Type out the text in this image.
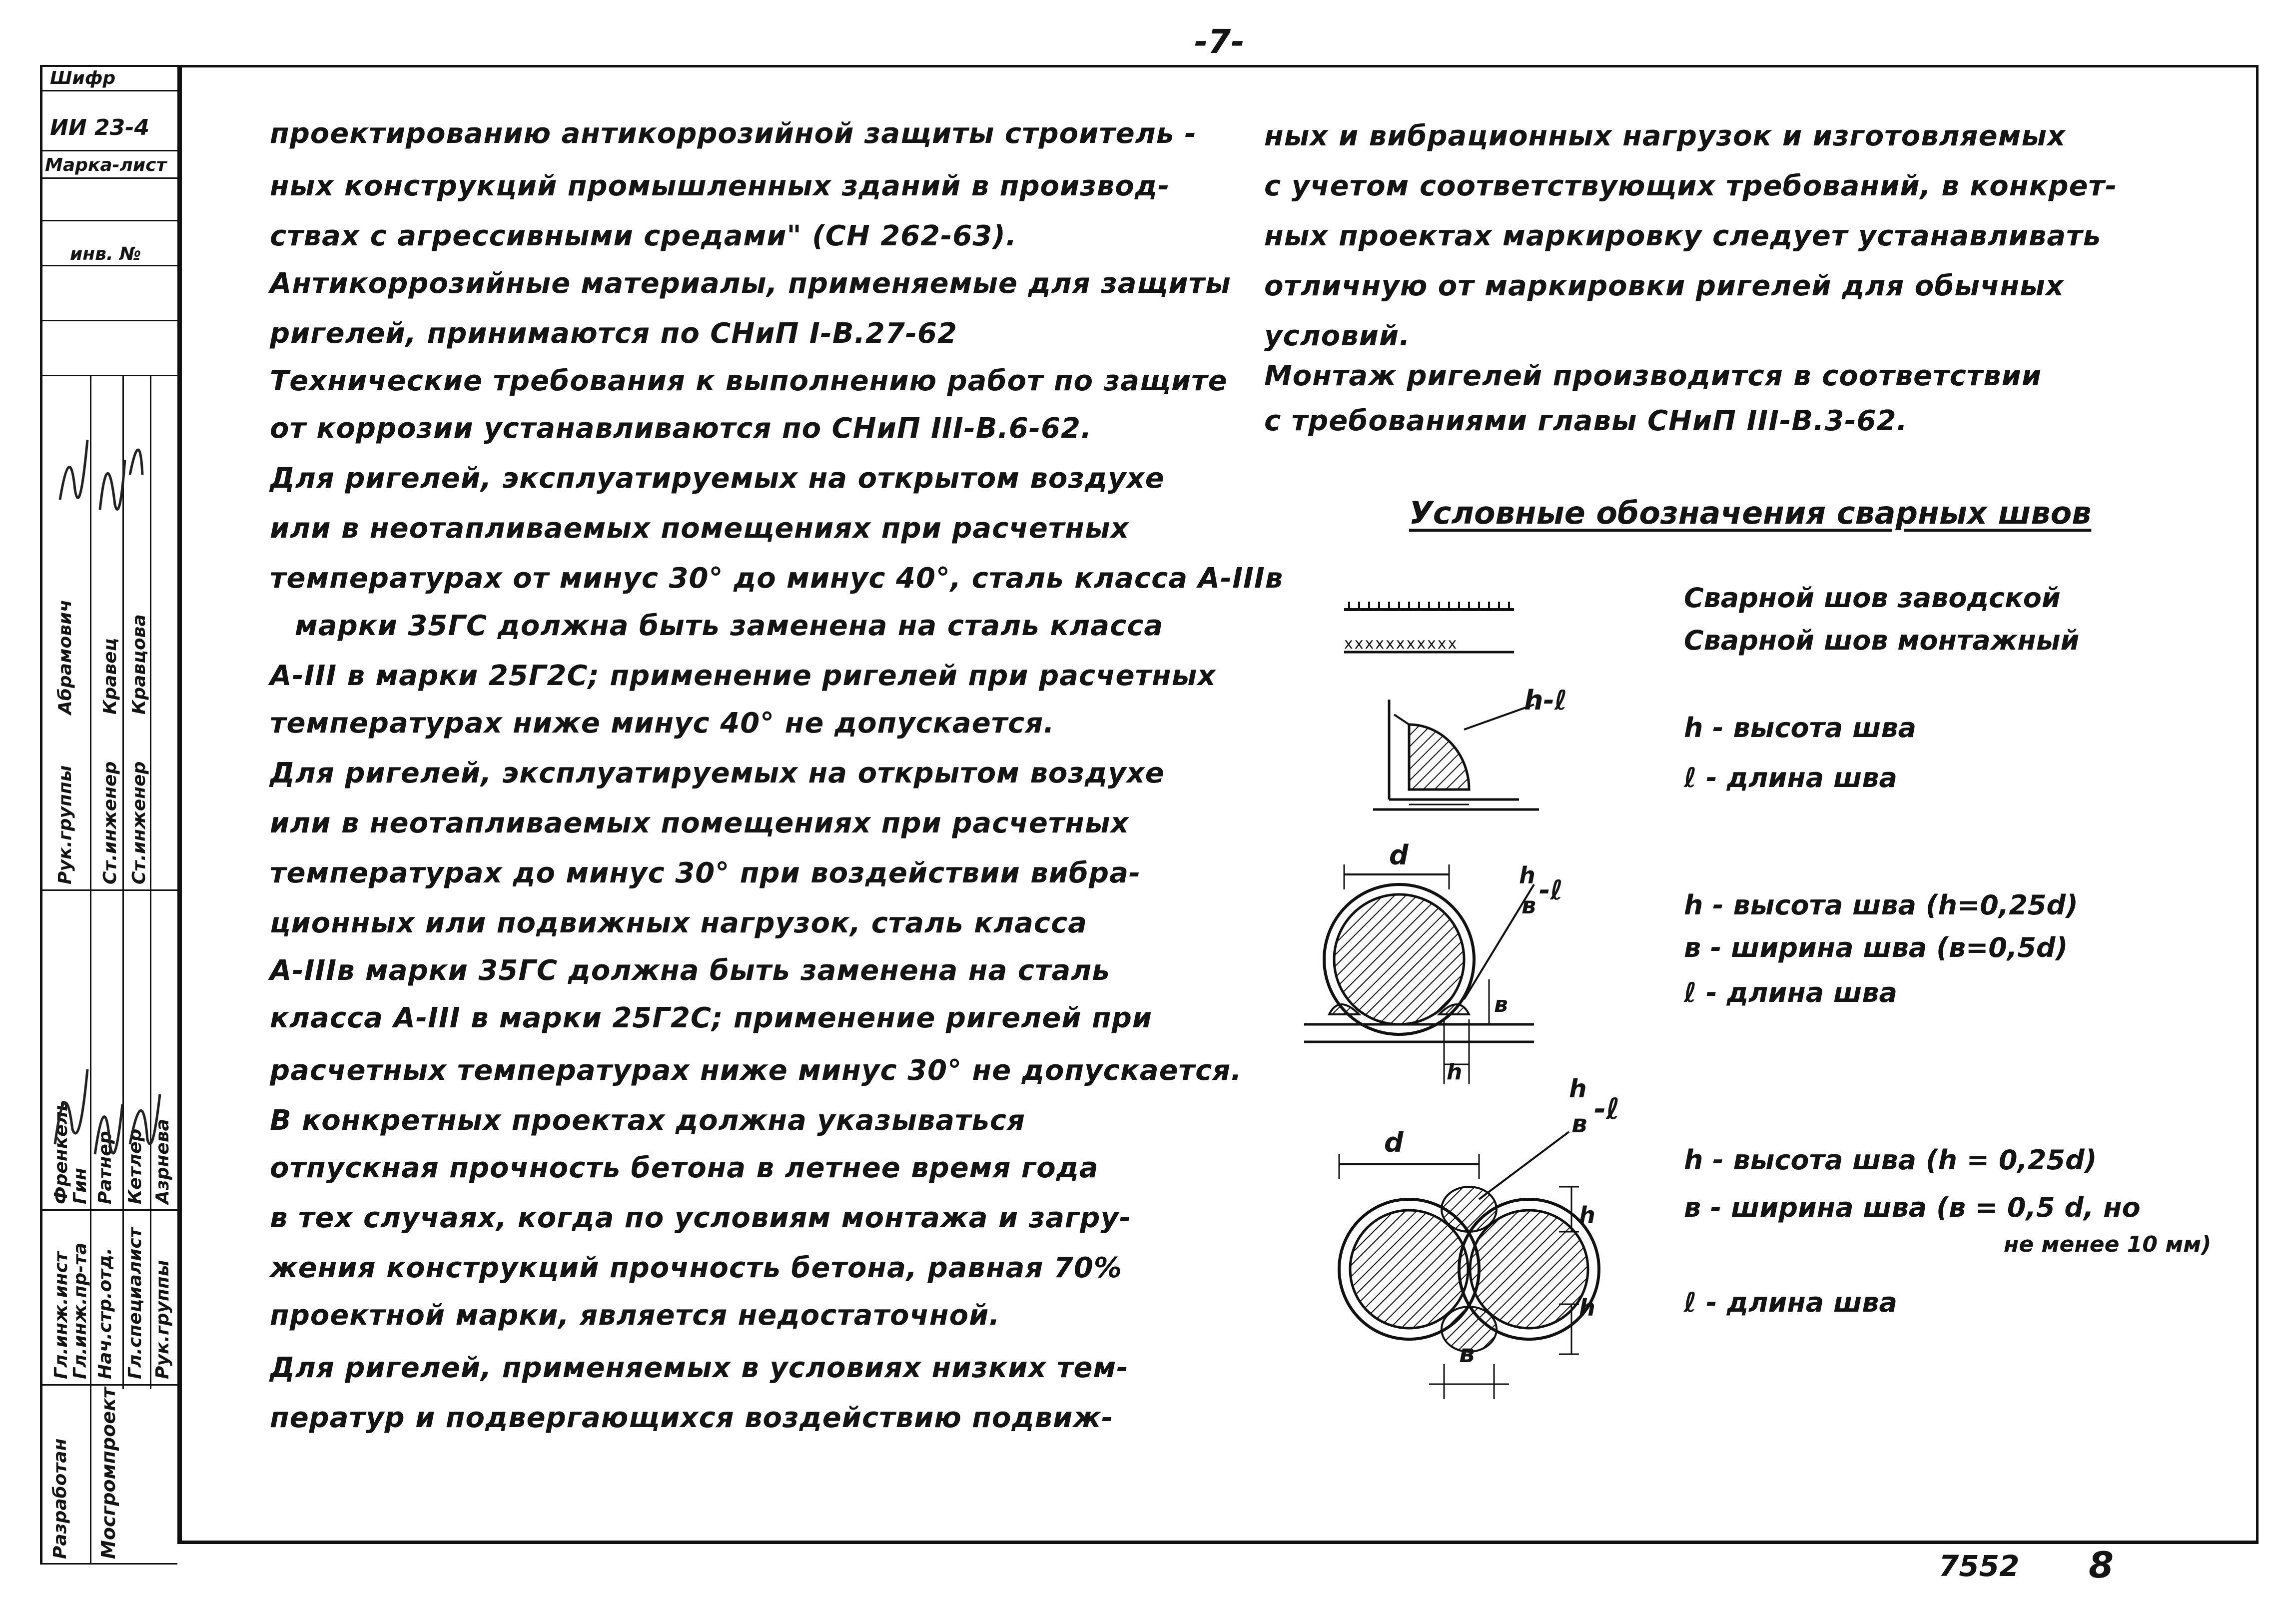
-7-
Шифр
ИИ 23-4
Марка-лист
инв. №
Разработан Мосгромпроект
Гл.инж.инст
Гл.инж.пр-та Нач.стр.отд. Гл.специалист Рук.группы
Рук.группы Ст.инженер Ст.инженер
Френкель
Гин Ратнер Кетлер Азрнева
Абрамович Кравец Кравцова
проектированию антикоррозийной защиты строитель -
ных конструкций промышленных зданий в производ-
ствах с агрессивными средами" (СН 262-63).
Антикоррозийные материалы, применяемые для защиты
ригелей, принимаются по СНиП I-В.27-62
Технические требования к выполнению работ по защите
от коррозии устанавливаются по СНиП III-В.6-62.
Для ригелей, эксплуатируемых на открытом воздухе
или в неотапливаемых помещениях при расчетных
температурах от минус 30° до минус 40°, сталь класса А-IIIв
марки 35ГС должна быть заменена на сталь класса
А-III в марки 25Г2С; применение ригелей при расчетных
температурах ниже минус 40° не допускается.
Для ригелей, эксплуатируемых на открытом воздухе
или в неотапливаемых помещениях при расчетных
температурах до минус 30° при воздействии вибра-
ционных или подвижных нагрузок, сталь класса
А-IIIв марки 35ГС должна быть заменена на сталь
класса А-III в марки 25Г2С; применение ригелей при
расчетных температурах ниже минус 30° не допускается.
В конкретных проектах должна указываться
отпускная прочность бетона в летнее время года
в тех случаях, когда по условиям монтажа и загру-
жения конструкций прочность бетона, равная 70%
проектной марки, является недостаточной.
Для ригелей, применяемых в условиях низких тем-
ператур и подвергающихся воздействию подвиж-
ных и вибрационных нагрузок и изготовляемых
с учетом соответствующих требований, в конкрет-
ных проектах маркировку следует устанавливать
отличную от маркировки ригелей для обычных
условий.
Монтаж ригелей производится в соответствии
с требованиями главы СНиП III-В.3-62.
Условные обозначения сварных швов
xxxxxxxxxxx
Сварной шов заводской
Сварной шов монтажный
h-ℓ
h - высота шва
ℓ - длина шва
d
h
в -ℓ
в
h
h - высота шва (h=0,25d)
в - ширина шва (в=0,5d)
ℓ - длина шва
d
h
в -ℓ
h
h
в
h - высота шва (h = 0,25d)
в - ширина шва (в = 0,5 d, но
не менее 10 мм)
ℓ - длина шва
7552 8
